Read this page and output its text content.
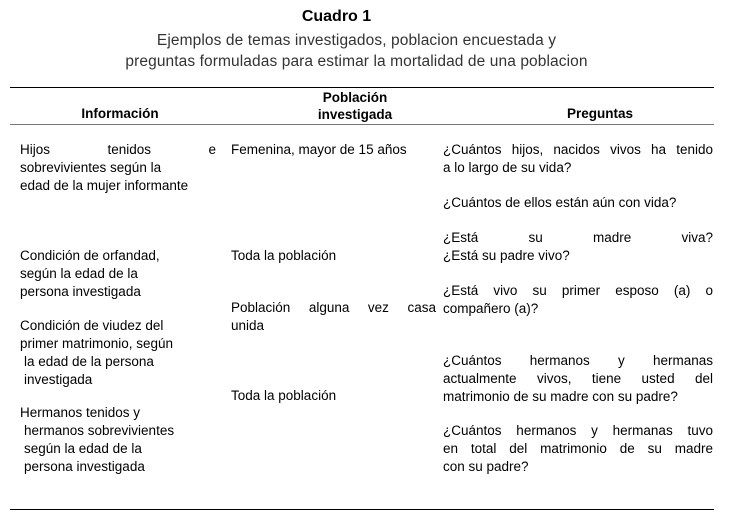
Cuadro 1
Ejemplos de temas investigados, poblacion encuestada y
preguntas formuladas para estimar la mortalidad de una poblacion
Información
Población
investigada	Preguntas
Hijos tenidos e
sobrevivientes según la
edad de la mujer informante
Condición de orfandad,
según la edad de la
persona investigada
Condición de viudez del
primer matrimonio, según
la edad de la persona
investigada
Hermanos tenidos y
hermanos sobrevivientes
según la edad de la
persona investigada
Femenina, mayor de 15 años
Toda la población
Población alguna vez casa
unida
Toda la población
¿Cuántos hijos, nacidos vivos ha tenido
a lo largo de su vida?
¿Cuántos de ellos están aún con vida?
¿Está su madre viva?
¿Está su padre vivo?
¿Está vivo su primer esposo (a) o
compañero (a)?
¿Cuántos hermanos y hermanas
actualmente vivos, tiene usted del
matrimonio de su madre con su padre?
¿Cuántos hermanos y hermanas tuvo
en total del matrimonio de su madre
con su padre?
